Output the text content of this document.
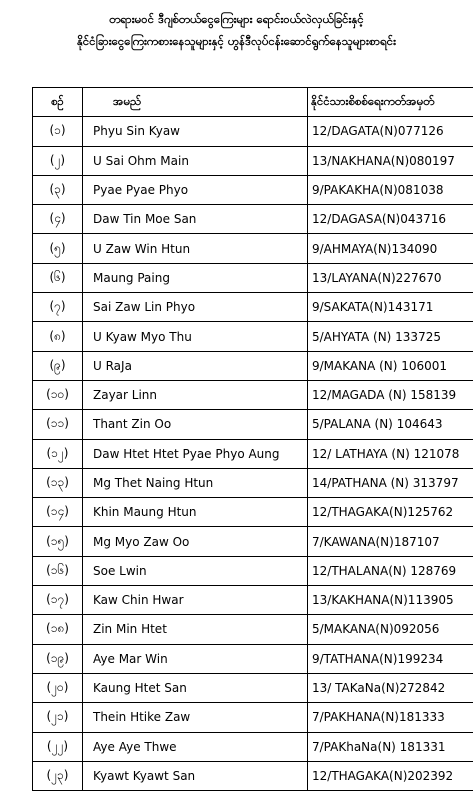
တရားမဝင် ဒီဂျစ်တယ်ငွေကြေးများ ရောင်းဝယ်လဲလှယ်ခြင်းနှင့်
နိုင်ငံခြားငွေကြေးကစားနေသူများနှင့် ဟွန်ဒီလုပ်ငန်းဆောင်ရွက်နေသူများစာရင်း
စဉ်	အမည်	နိုင်ငံသားစိစစ်ရေးကတ်အမှတ်
(၁)	Phyu Sin Kyaw	12/DAGATA(N)077126
(၂)	U Sai Ohm Main	13/NAKHANA(N)080197
(၃)	Pyae Pyae Phyo	9/PAKAKHA(N)081038
(၄)	Daw Tin Moe San	12/DAGASA(N)043716
(၅)	U Zaw Win Htun	9/AHMAYA(N)134090
(၆)	Maung Paing	13/LAYANA(N)227670
(၇)	Sai Zaw Lin Phyo	9/SAKATA(N)143171
(၈)	U Kyaw Myo Thu	5/AHYATA (N) 133725
(၉)	U RaJa	9/MAKANA (N) 106001
(၁၀)	Zayar Linn	12/MAGADA (N) 158139
(၁၁)	Thant Zin Oo	5/PALANA (N) 104643
(၁၂)	Daw Htet Htet Pyae Phyo Aung	12/ LATHAYA (N) 121078
(၁၃)	Mg Thet Naing Htun	14/PATHANA (N) 313797
(၁၄)	Khin Maung Htun	12/THAGAKA(N)125762
(၁၅)	Mg Myo Zaw Oo	7/KAWANA(N)187107
(၁၆)	Soe Lwin	12/THALANA(N) 128769
(၁၇)	Kaw Chin Hwar	13/KAKHANA(N)113905
(၁၈)	Zin Min Htet	5/MAKANA(N)092056
(၁၉)	Aye Mar Win	9/TATHANA(N)199234
(၂၀)	Kaung Htet San	13/ TAKaNa(N)272842
(၂၁)	Thein Htike Zaw	7/PAKHANA(N)181333
(၂၂)	Aye Aye Thwe	7/PAKhaNa(N) 181331
(၂၃)	Kyawt Kyawt San	12/THAGAKA(N)202392
